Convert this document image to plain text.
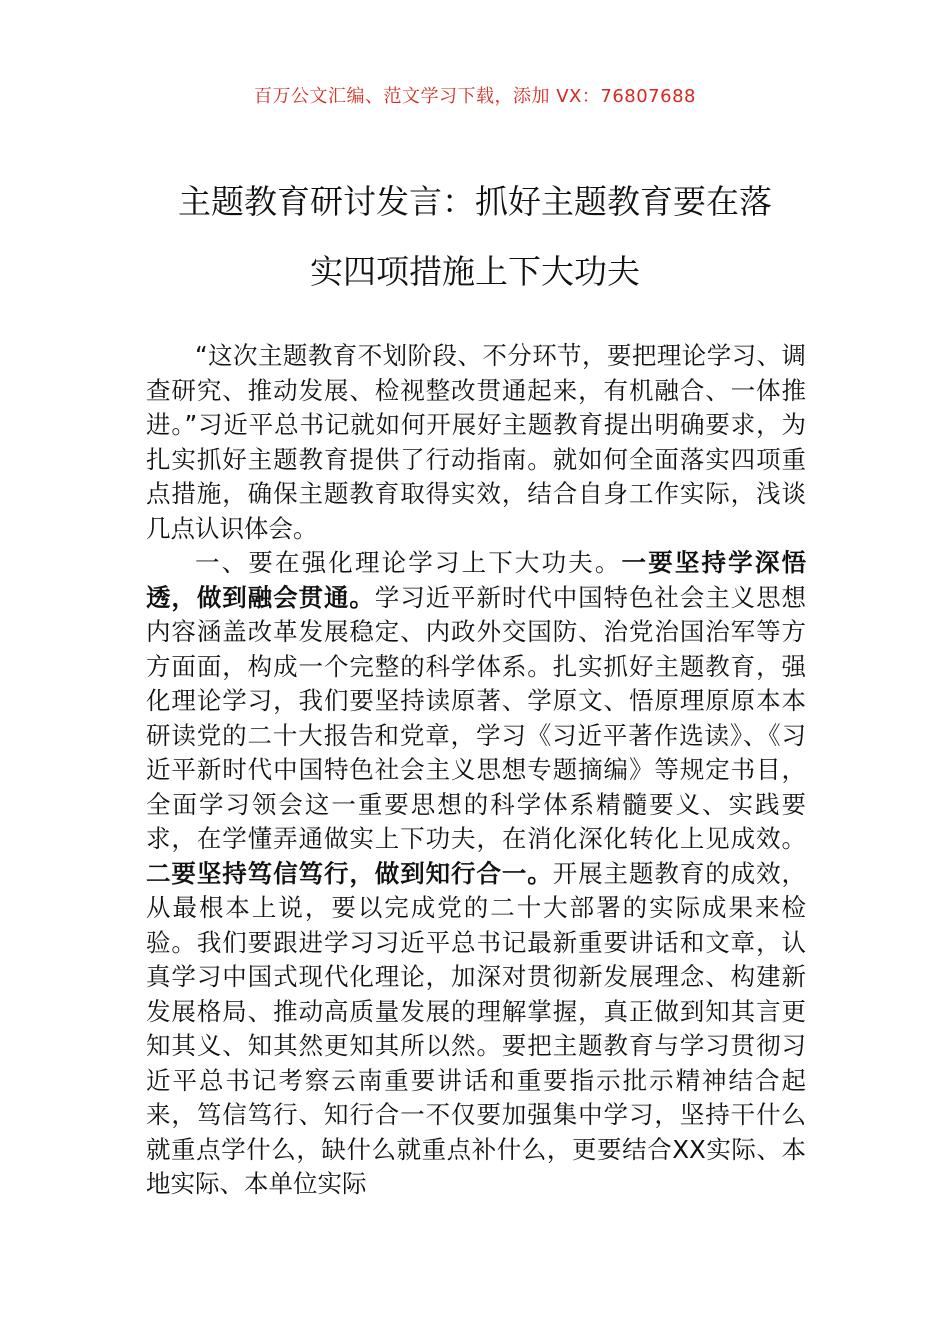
百万公文汇编、范文学习下载，添加 VX：76807688
主题教育研讨发言：抓好主题教育要在落
实四项措施上下大功夫

“这次主题教育不划阶段、不分环节，要把理论学习、调查研究、推动发展、检视整改贯通起来，有机融合、一体推进。”习近平总书记就如何开展好主题教育提出明确要求，为扎实抓好主题教育提供了行动指南。就如何全面落实四项重点措施，确保主题教育取得实效，结合自身工作实际，浅谈几点认识体会。

一、要在强化理论学习上下大功夫。一要坚持学深悟透，做到融会贯通。学习近平新时代中国特色社会主义思想内容涵盖改革发展稳定、内政外交国防、治党治国治军等方方面面，构成一个完整的科学体系。扎实抓好主题教育，强化理论学习，我们要坚持读原著、学原文、悟原理原原本本研读党的二十大报告和党章，学习《习近平著作选读》、《习近平新时代中国特色社会主义思想专题摘编》等规定书目，全面学习领会这一重要思想的科学体系精髓要义、实践要求，在学懂弄通做实上下功夫，在消化深化转化上见成效。二要坚持笃信笃行，做到知行合一。开展主题教育的成效，从最根本上说，要以完成党的二十大部署的实际成果来检验。我们要跟进学习习近平总书记最新重要讲话和文章，认真学习中国式现代化理论，加深对贯彻新发展理念、构建新发展格局、推动高质量发展的理解掌握，真正做到知其言更知其义、知其然更知其所以然。要把主题教育与学习贯彻习近平总书记考察云南重要讲话和重要指示批示精神结合起来，笃信笃行、知行合一不仅要加强集中学习，坚持干什么就重点学什么，缺什么就重点补什么，更要结合XX实际、本地实际、本单位实际
